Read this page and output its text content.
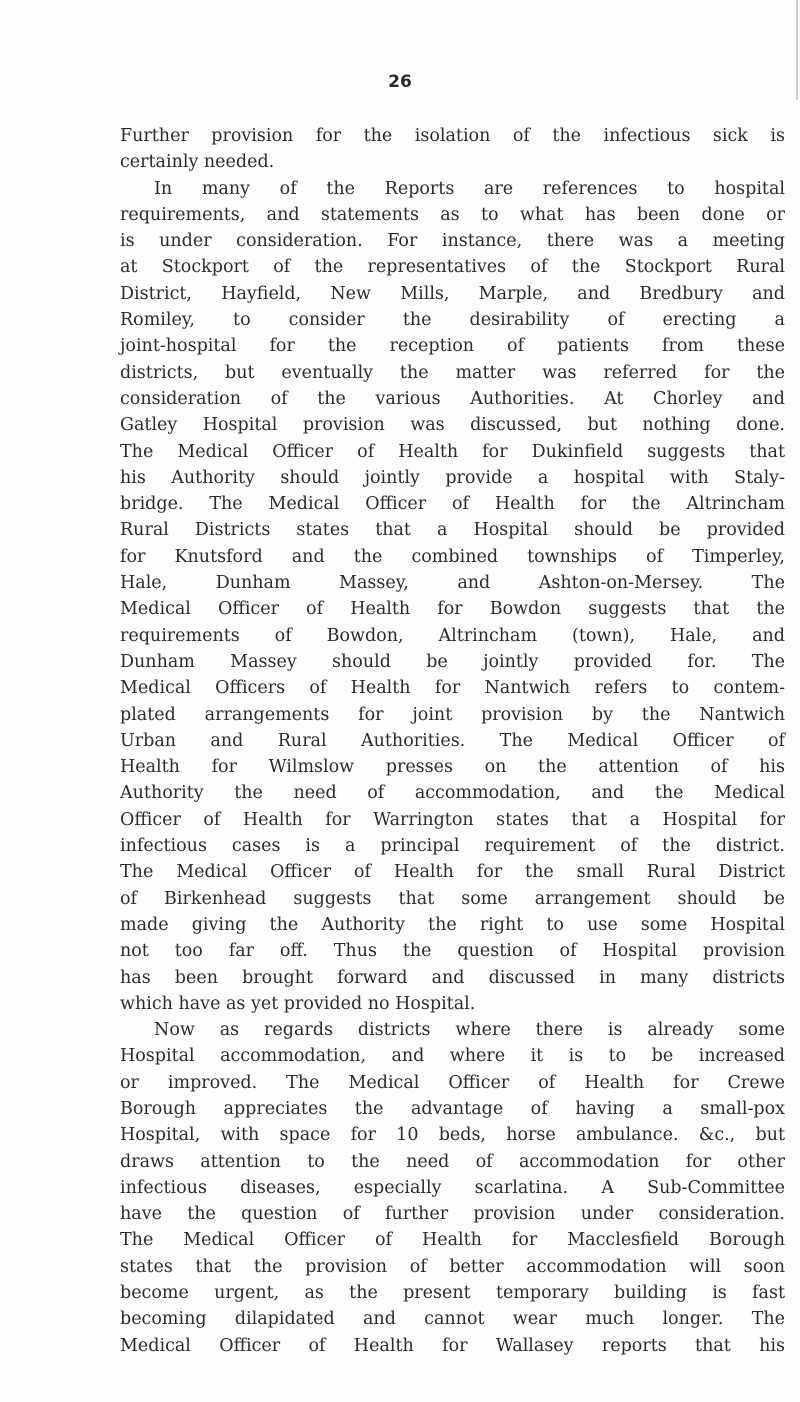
26

Further provision for the isolation of the infectious sick is
certainly needed.
In many of the Reports are references to hospital
requirements, and statements as to what has been done or
is under consideration. For instance, there was a meeting
at Stockport of the representatives of the Stockport Rural
District, Hayfield, New Mills, Marple, and Bredbury and
Romiley, to consider the desirability of erecting a
joint-hospital for the reception of patients from these
districts, but eventually the matter was referred for the
consideration of the various Authorities. At Chorley and
Gatley Hospital provision was discussed, but nothing done.
The Medical Officer of Health for Dukinfield suggests that
his Authority should jointly provide a hospital with Staly-
bridge. The Medical Officer of Health for the Altrincham
Rural Districts states that a Hospital should be provided
for Knutsford and the combined townships of Timperley,
Hale, Dunham Massey, and Ashton-on-Mersey. The
Medical Officer of Health for Bowdon suggests that the
requirements of Bowdon, Altrincham (town), Hale, and
Dunham Massey should be jointly provided for. The
Medical Officers of Health for Nantwich refers to contem-
plated arrangements for joint provision by the Nantwich
Urban and Rural Authorities. The Medical Officer of
Health for Wilmslow presses on the attention of his
Authority the need of accommodation, and the Medical
Officer of Health for Warrington states that a Hospital for
infectious cases is a principal requirement of the district.
The Medical Officer of Health for the small Rural District
of Birkenhead suggests that some arrangement should be
made giving the Authority the right to use some Hospital
not too far off. Thus the question of Hospital provision
has been brought forward and discussed in many districts
which have as yet provided no Hospital.
Now as regards districts where there is already some
Hospital accommodation, and where it is to be increased
or improved. The Medical Officer of Health for Crewe
Borough appreciates the advantage of having a small-pox
Hospital, with space for 10 beds, horse ambulance. &c., but
draws attention to the need of accommodation for other
infectious diseases, especially scarlatina. A Sub-Committee
have the question of further provision under consideration.
The Medical Officer of Health for Macclesfield Borough
states that the provision of better accommodation will soon
become urgent, as the present temporary building is fast
becoming dilapidated and cannot wear much longer. The
Medical Officer of Health for Wallasey reports that his
